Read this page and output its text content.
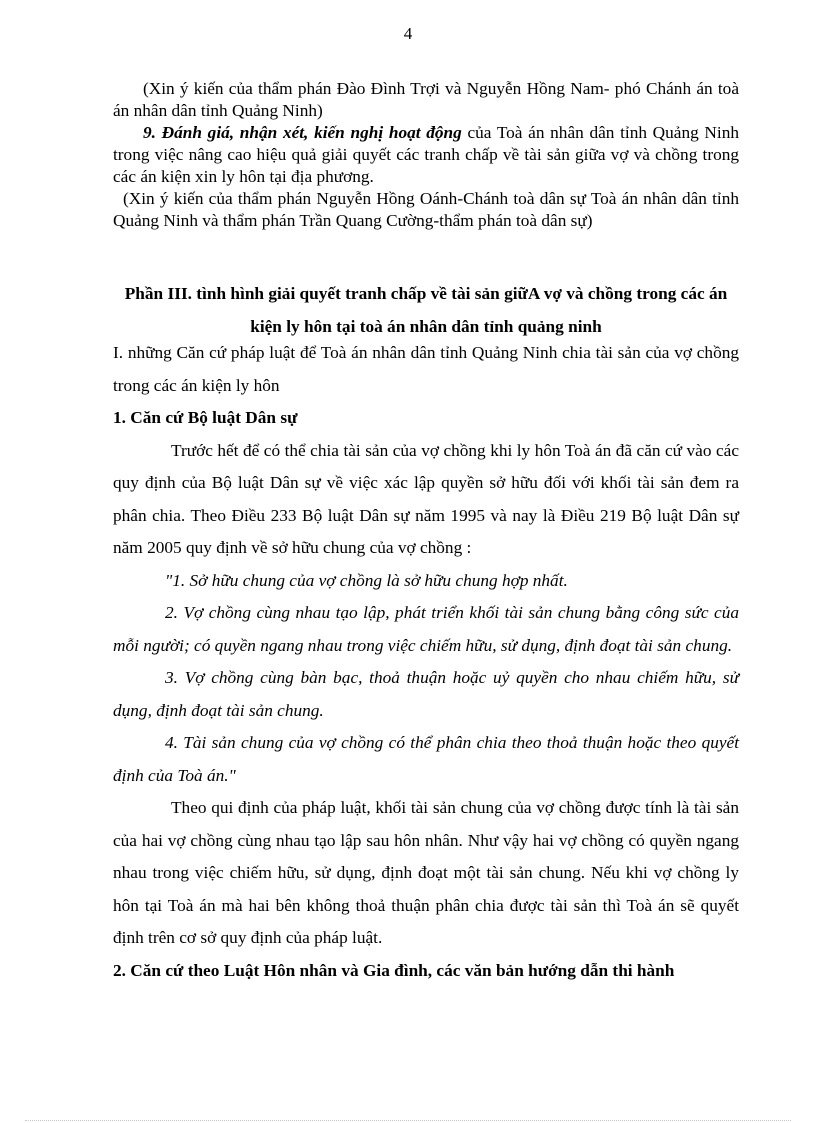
4

(Xin ý kiến của thẩm phán Đào Đình Trợi và Nguyễn Hồng Nam- phó Chánh án toà án nhân dân tỉnh Quảng Ninh)

9. Đánh giá, nhận xét, kiến nghị hoạt động của Toà án nhân dân tỉnh Quảng Ninh trong việc nâng cao hiệu quả giải quyết các tranh chấp về tài sản giữa vợ và chồng trong các án kiện xin ly hôn tại địa phương.

(Xin ý kiến của thẩm phán Nguyễn Hồng Oánh-Chánh toà dân sự Toà án nhân dân tỉnh Quảng Ninh và thẩm phán Trần Quang Cường-thẩm phán toà dân sự)

Phần III. tình hình giải quyết tranh chấp về tài sản giữA vợ và chồng trong các án kiện ly hôn tại toà án nhân dân tỉnh quảng ninh

I. những Căn cứ pháp luật để Toà án nhân dân tỉnh Quảng Ninh chia tài sản của vợ chồng trong các án kiện ly hôn

1. Căn cứ Bộ luật Dân sự

Trước hết để có thể chia tài sản của vợ chồng khi ly hôn Toà án đã căn cứ vào các quy định của Bộ luật Dân sự về việc xác lập quyền sở hữu đối với khối tài sản đem ra phân chia. Theo Điều 233 Bộ luật Dân sự năm 1995 và nay là Điều 219 Bộ luật Dân sự năm 2005 quy định về sở hữu chung của vợ chồng :

"1. Sở hữu chung của vợ chồng là sở hữu chung hợp nhất.

2. Vợ chồng cùng nhau tạo lập, phát triển khối tài sản chung bằng công sức của mỗi người; có quyền ngang nhau trong việc chiếm hữu, sử dụng, định đoạt tài sản chung.

3. Vợ chồng cùng bàn bạc, thoả thuận hoặc uỷ quyền cho nhau chiếm hữu, sử dụng, định đoạt tài sản chung.

4. Tài sản chung của vợ chồng có thể phân chia theo thoả thuận hoặc theo quyết định của Toà án."

Theo qui định của pháp luật, khối tài sản chung của vợ chồng được tính là tài sản của hai vợ chồng cùng nhau tạo lập sau hôn nhân. Như vậy hai vợ chồng có quyền ngang nhau trong việc chiếm hữu, sử dụng, định đoạt một tài sản chung. Nếu khi vợ chồng ly hôn tại Toà án mà hai bên không thoả thuận phân chia được tài sản thì Toà án sẽ quyết định trên cơ sở quy định của pháp luật.

2. Căn cứ theo Luật Hôn nhân và Gia đình, các văn bản hướng dẫn thi hành
